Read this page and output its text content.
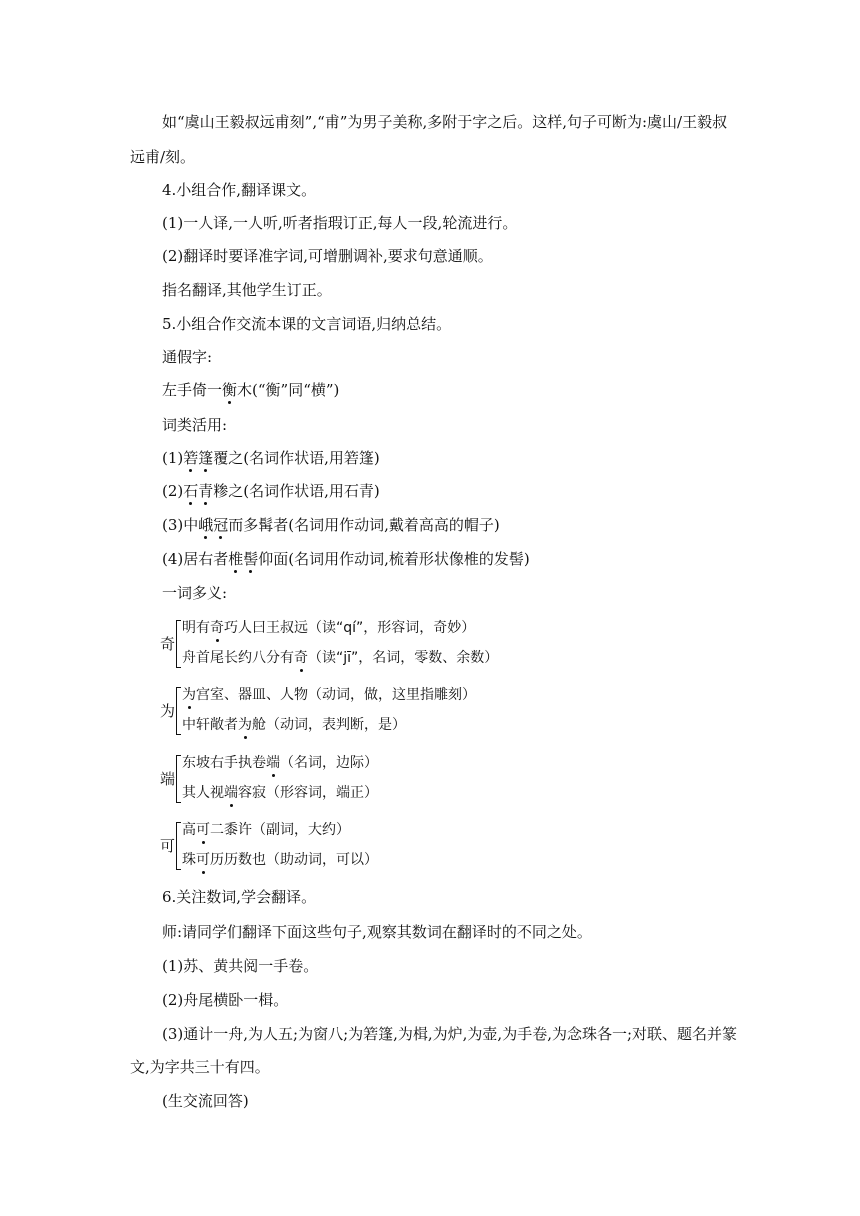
如“虞山王毅叔远甫刻”,“甫”为男子美称,多附于字之后。这样,句子可断为:虞山/王毅叔
远甫/刻。
4.小组合作,翻译课文。
(1)一人译,一人听,听者指瑕订正,每人一段,轮流进行。
(2)翻译时要译准字词,可增删调补,要求句意通顺。
指名翻译,其他学生订正。
5.小组合作交流本课的文言词语,归纳总结。
通假字:
左手倚一衡木(“衡”同“横”)
词类活用:
(1)箬篷覆之(名词作状语,用箬篷)
(2)石青糁之(名词作状语,用石青)
(3)中峨冠而多髯者(名词用作动词,戴着高高的帽子)
(4)居右者椎髻仰面(名词用作动词,梳着形状像椎的发髻)
一词多义:
奇
明有奇巧人曰王叔远（读“qí”，形容词，奇妙）
舟首尾长约八分有奇（读“jī”，名词，零数、余数）
为
为宫室、器皿、人物（动词，做，这里指雕刻）
中轩敞者为舱（动词，表判断，是）
端
东坡右手执卷端（名词，边际）
其人视端容寂（形容词，端正）
可
高可二黍许（副词，大约）
珠可历历数也（助动词，可以）
6.关注数词,学会翻译。
师:请同学们翻译下面这些句子,观察其数词在翻译时的不同之处。
(1)苏、黄共阅一手卷。
(2)舟尾横卧一楫。
(3)通计一舟,为人五;为窗八;为箬篷,为楫,为炉,为壶,为手卷,为念珠各一;对联、题名并篆
文,为字共三十有四。
(生交流回答)
